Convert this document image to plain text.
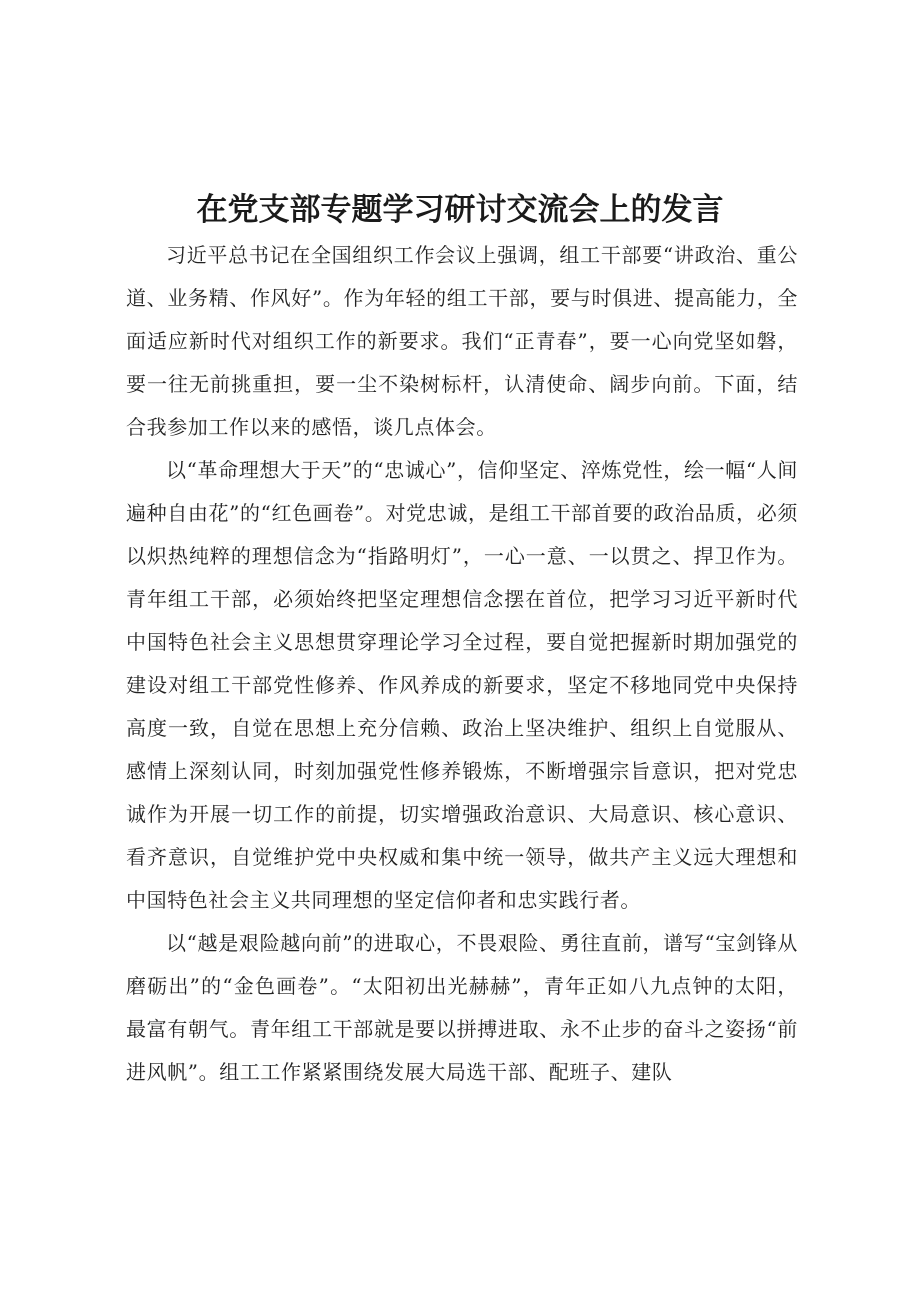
在党支部专题学习研讨交流会上的发言

习近平总书记在全国组织工作会议上强调，组工干部要“讲政治、重公道、业务精、作风好”。作为年轻的组工干部，要与时俱进、提高能力，全面适应新时代对组织工作的新要求。我们“正青春”，要一心向党坚如磐，要一往无前挑重担，要一尘不染树标杆，认清使命、阔步向前。下面，结合我参加工作以来的感悟，谈几点体会。

以“革命理想大于天”的“忠诚心”，信仰坚定、淬炼党性，绘一幅“人间遍种自由花”的“红色画卷”。对党忠诚，是组工干部首要的政治品质，必须以炽热纯粹的理想信念为“指路明灯”，一心一意、一以贯之、捍卫作为。青年组工干部，必须始终把坚定理想信念摆在首位，把学习习近平新时代中国特色社会主义思想贯穿理论学习全过程，要自觉把握新时期加强党的建设对组工干部党性修养、作风养成的新要求，坚定不移地同党中央保持高度一致，自觉在思想上充分信赖、政治上坚决维护、组织上自觉服从、感情上深刻认同，时刻加强党性修养锻炼，不断增强宗旨意识，把对党忠诚作为开展一切工作的前提，切实增强政治意识、大局意识、核心意识、看齐意识，自觉维护党中央权威和集中统一领导，做共产主义远大理想和中国特色社会主义共同理想的坚定信仰者和忠实践行者。

以“越是艰险越向前”的进取心，不畏艰险、勇往直前，谱写“宝剑锋从磨砺出”的“金色画卷”。“太阳初出光赫赫”，青年正如八九点钟的太阳，最富有朝气。青年组工干部就是要以拼搏进取、永不止步的奋斗之姿扬“前进风帆”。组工工作紧紧围绕发展大局选干部、配班子、建队
